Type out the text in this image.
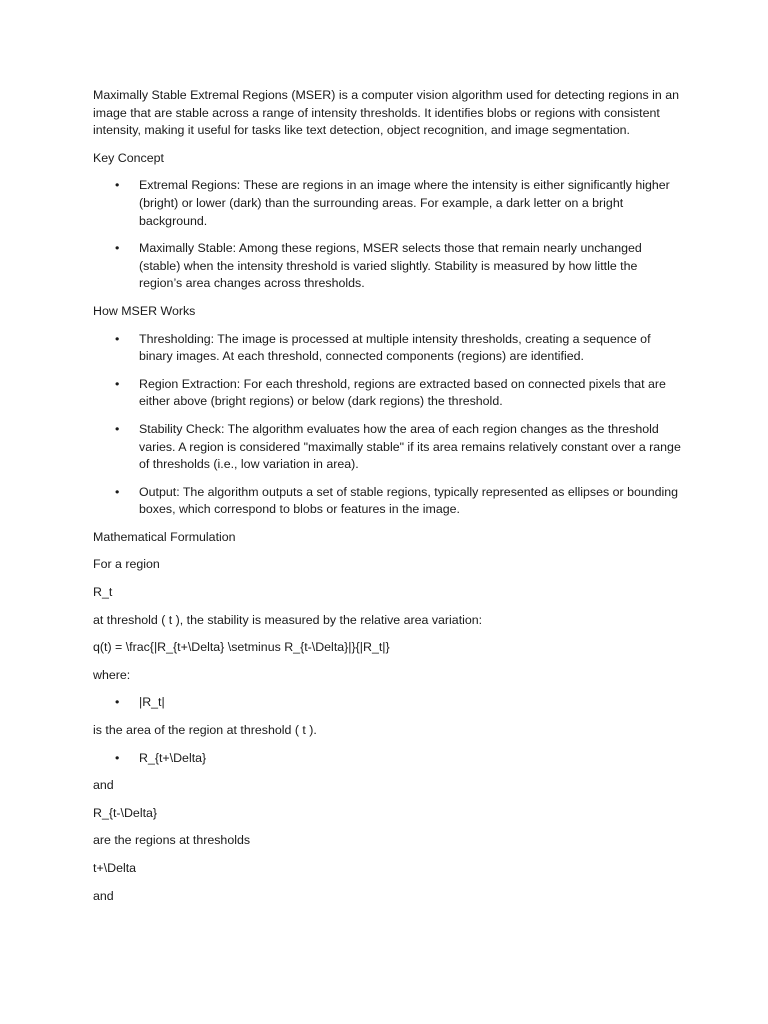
Maximally Stable Extremal Regions (MSER) is a computer vision algorithm used for detecting regions in an image that are stable across a range of intensity thresholds. It identifies blobs or regions with consistent intensity, making it useful for tasks like text detection, object recognition, and image segmentation.

Key Concept

• Extremal Regions: These are regions in an image where the intensity is either significantly higher (bright) or lower (dark) than the surrounding areas. For example, a dark letter on a bright background.
• Maximally Stable: Among these regions, MSER selects those that remain nearly unchanged (stable) when the intensity threshold is varied slightly. Stability is measured by how little the region’s area changes across thresholds.

How MSER Works

• Thresholding: The image is processed at multiple intensity thresholds, creating a sequence of binary images. At each threshold, connected components (regions) are identified.
• Region Extraction: For each threshold, regions are extracted based on connected pixels that are either above (bright regions) or below (dark regions) the threshold.
• Stability Check: The algorithm evaluates how the area of each region changes as the threshold varies. A region is considered "maximally stable" if its area remains relatively constant over a range of thresholds (i.e., low variation in area).
• Output: The algorithm outputs a set of stable regions, typically represented as ellipses or bounding boxes, which correspond to blobs or features in the image.

Mathematical Formulation

For a region

R_t

at threshold ( t ), the stability is measured by the relative area variation:

q(t) = \frac{|R_{t+\Delta} \setminus R_{t-\Delta}|}{|R_t|}

where:

• |R_t|

is the area of the region at threshold ( t ).

• R_{t+\Delta}

and

R_{t-\Delta}

are the regions at thresholds

t+\Delta

and
